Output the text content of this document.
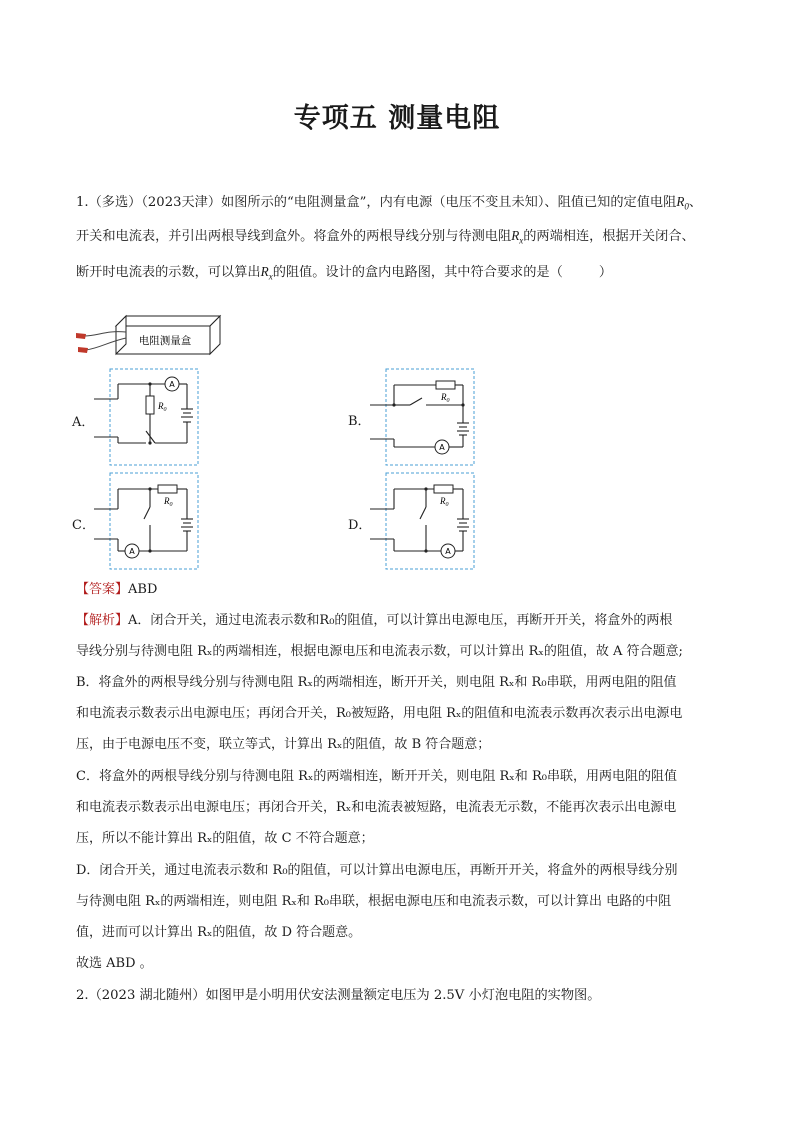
专项五 测量电阻
1.（多选）（2023天津）如图所示的“电阻测量盒”，内有电源（电压不变且未知）、阻值已知的定值电阻$R_0$、
开关和电流表，并引出两根导线到盒外。将盒外的两根导线分别与待测电阻$R_x$的两端相连，根据开关闭合、
断开时电流表的示数，可以算出$R_x$的阻值。设计的盒内电路图，其中符合要求的是（	）
电阻测量盒
A．	B．
C．	D．
$R_0$
A
$R_0$
A
$R_0$
A
$R_0$
A
【答案】ABD
【解析】A．闭合开关，通过电流表示数和R₀的阻值，可以计算出电源电压，再断开开关，将盒外的两根
导线分别与待测电阻 Rₓ的两端相连，根据电源电压和电流表示数，可以计算出 Rₓ的阻值，故 A 符合题意;
B．将盒外的两根导线分别与待测电阻 Rₓ的两端相连，断开开关，则电阻 Rₓ和 R₀串联，用两电阻的阻值
和电流表示数表示出电源电压；再闭合开关，R₀被短路，用电阻 Rₓ的阻值和电流表示数再次表示出电源电
压，由于电源电压不变，联立等式，计算出 Rₓ的阻值，故 B 符合题意；
C．将盒外的两根导线分别与待测电阻 Rₓ的两端相连，断开开关，则电阻 Rₓ和 R₀串联，用两电阻的阻值
和电流表示数表示出电源电压；再闭合开关，Rₓ和电流表被短路，电流表无示数，不能再次表示出电源电
压，所以不能计算出 Rₓ的阻值，故 C 不符合题意；
D．闭合开关，通过电流表示数和 R₀的阻值，可以计算出电源电压，再断开开关，将盒外的两根导线分别
与待测电阻 Rₓ的两端相连，则电阻 Rₓ和 R₀串联，根据电源电压和电流表示数，可以计算出 电路的中阻
值，进而可以计算出 Rₓ的阻值，故 D 符合题意。
故选 ABD 。
2.（2023 湖北随州）如图甲是小明用伏安法测量额定电压为 2.5V 小灯泡电阻的实物图。
